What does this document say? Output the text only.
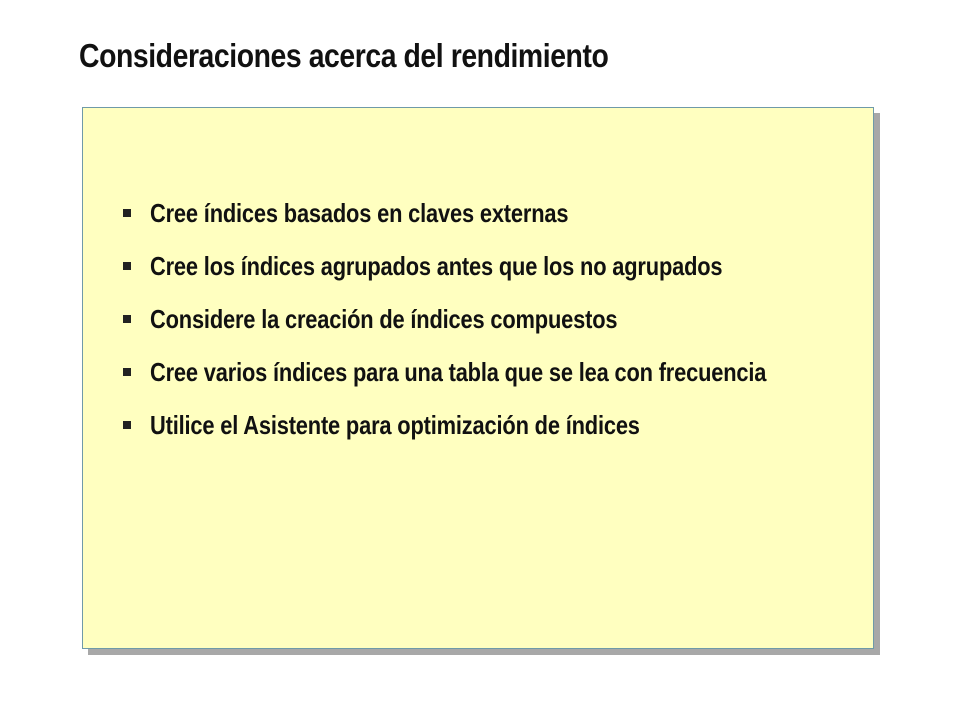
Consideraciones acerca del rendimiento
Cree índices basados en claves externas
Cree los índices agrupados antes que los no agrupados
Considere la creación de índices compuestos
Cree varios índices para una tabla que se lea con frecuencia
Utilice el Asistente para optimización de índices
